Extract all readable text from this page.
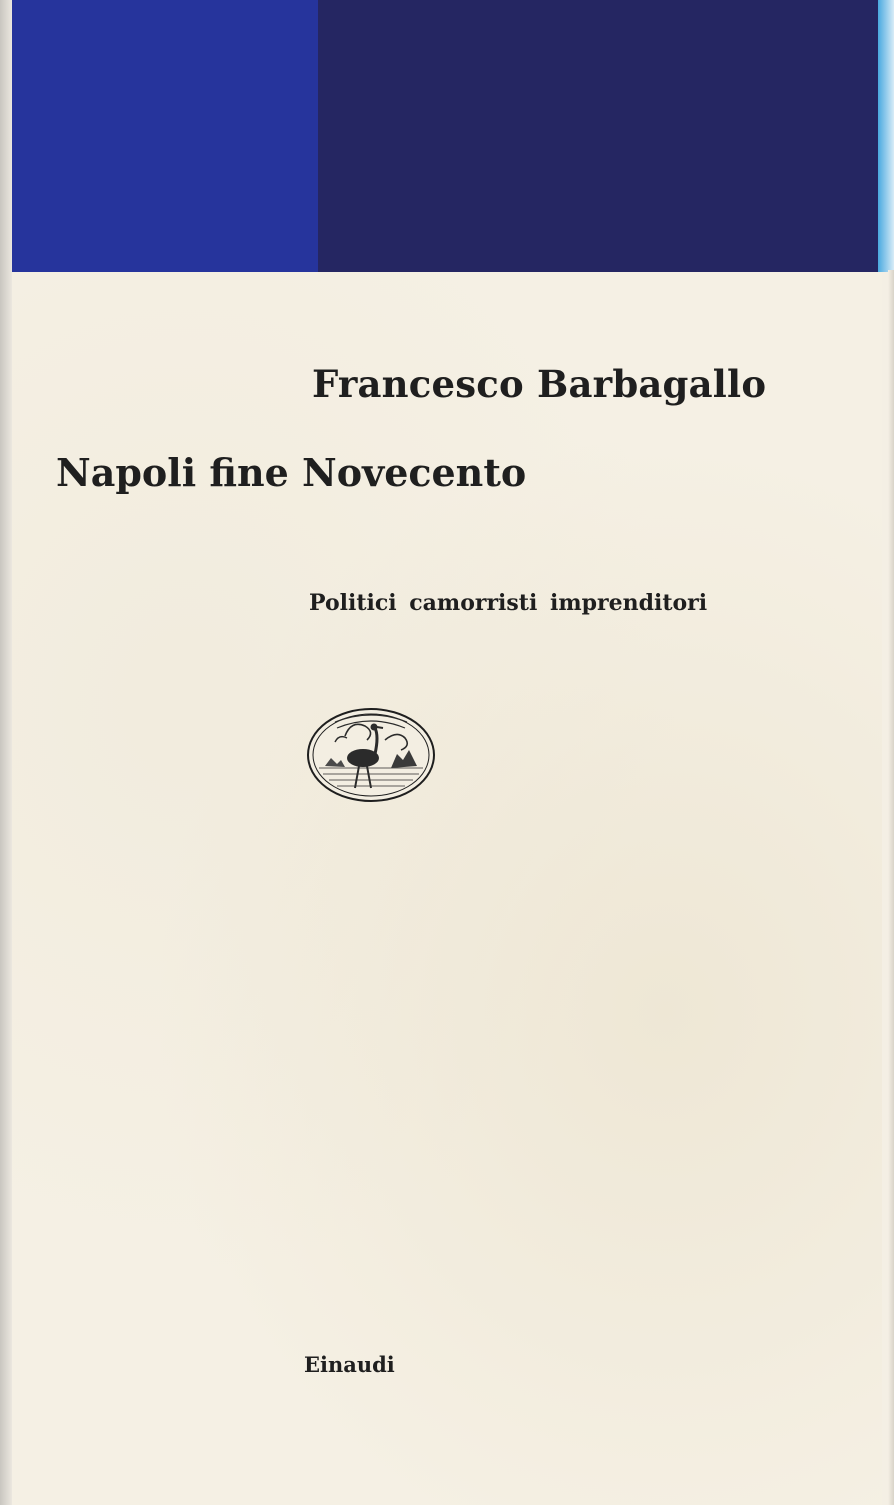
Francesco Barbagallo

Napoli fine Novecento

Politici camorristi imprenditori

Einaudi
